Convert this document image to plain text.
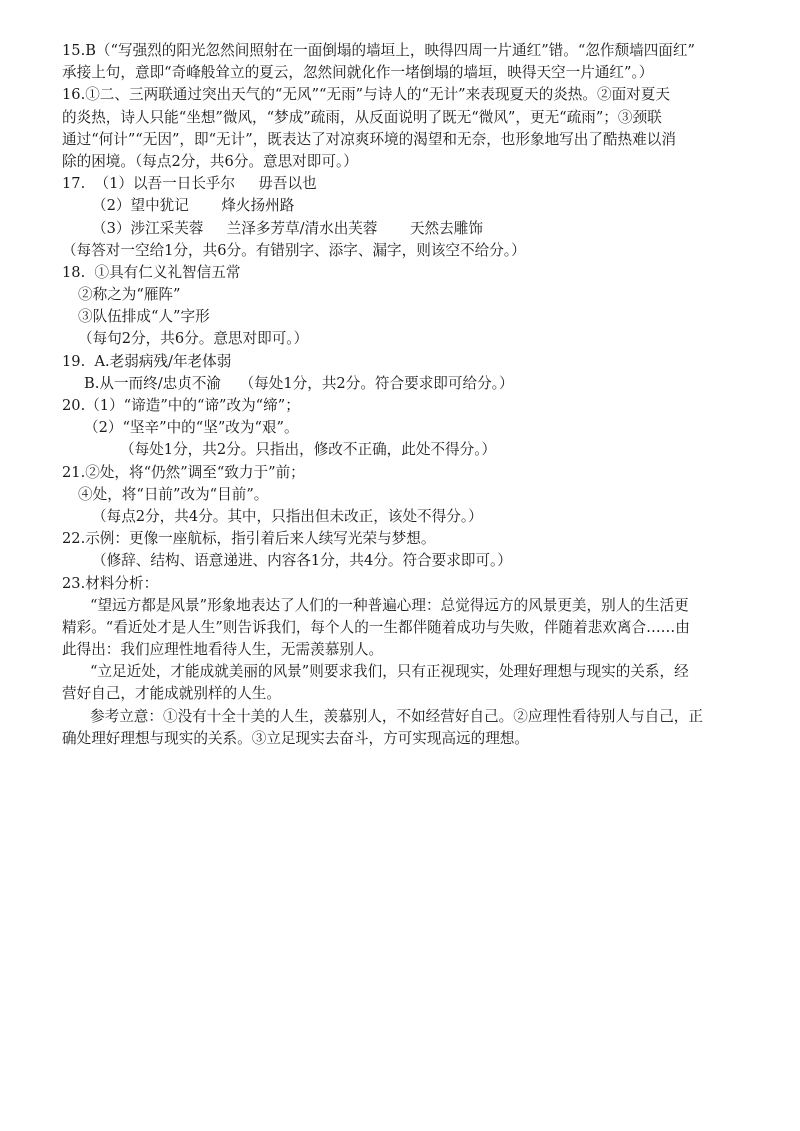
15.B（“写强烈的阳光忽然间照射在一面倒塌的墙垣上，映得四周一片通红”错。“忽作颓墙四面红”
承接上句，意即“奇峰般耸立的夏云，忽然间就化作一堵倒塌的墙垣，映得天空一片通红”。）
16.①二、三两联通过突出天气的“无风”“无雨”与诗人的“无计”来表现夏天的炎热。②面对夏天
的炎热，诗人只能“坐想”微风，“梦成”疏雨，从反面说明了既无“微风”，更无“疏雨”；③颈联
通过“何计”“无因”，即“无计”，既表达了对凉爽环境的渴望和无奈，也形象地写出了酷热难以消
除的困境。（每点2分，共6分。意思对即可。）
17.  （1）以吾一日长乎尔     毋吾以也
（2）望中犹记       烽火扬州路
（3）涉江采芙蓉     兰泽多芳草/清水出芙蓉       天然去雕饰
（每答对一空给1分，共6分。有错别字、添字、漏字，则该空不给分。）
18.  ①具有仁义礼智信五常
②称之为“雁阵”
③队伍排成“人”字形
（每句2分，共6分。意思对即可。）
19.  A.老弱病残/年老体弱
B.从一而终/忠贞不渝    （每处1分，共2分。符合要求即可给分。）
20.（1）“谛造”中的“谛”改为“缔”；
（2）“坚辛”中的“坚”改为“艰”。
（每处1分，共2分。只指出，修改不正确，此处不得分。）
21.②处，将“仍然”调至“致力于”前；
④处，将“日前”改为“目前”。
（每点2分，共4分。其中，只指出但未改正，该处不得分。）
22.示例：更像一座航标，指引着后来人续写光荣与梦想。
（修辞、结构、语意递进、内容各1分，共4分。符合要求即可。）
23.材料分析：
“望远方都是风景”形象地表达了人们的一种普遍心理：总觉得远方的风景更美，别人的生活更
精彩。“看近处才是人生”则告诉我们，每个人的一生都伴随着成功与失败，伴随着悲欢离合……由
此得出：我们应理性地看待人生，无需羡慕别人。
“立足近处，才能成就美丽的风景”则要求我们，只有正视现实，处理好理想与现实的关系，经
营好自己，才能成就别样的人生。
参考立意：①没有十全十美的人生，羡慕别人，不如经营好自己。②应理性看待别人与自己，正
确处理好理想与现实的关系。③立足现实去奋斗，方可实现高远的理想。
